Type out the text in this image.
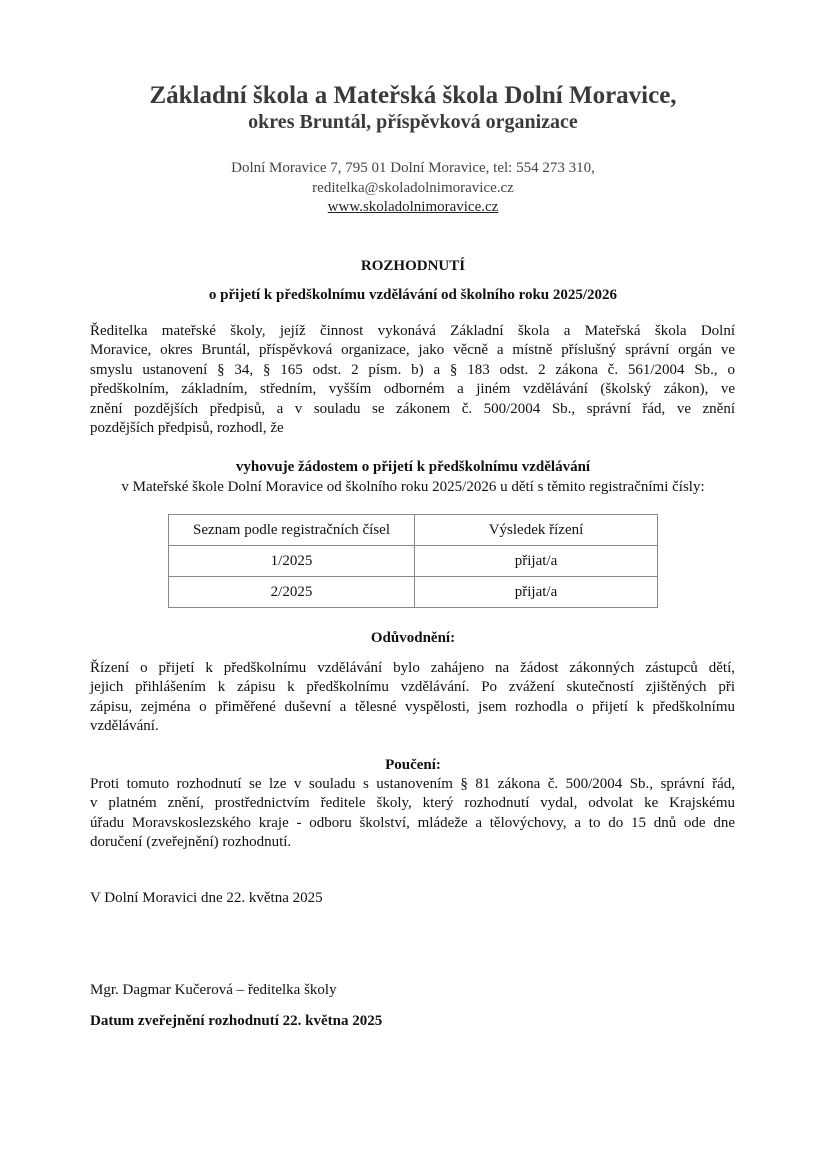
Základní škola a Mateřská škola Dolní Moravice,
okres Bruntál, příspěvková organizace
Dolní Moravice 7, 795 01 Dolní Moravice, tel: 554 273 310,
reditelka@skoladolnimoravice.cz
www.skoladolnimoravice.cz
ROZHODNUTÍ
o přijetí k předškolnímu vzdělávání od školního roku 2025/2026
Ředitelka mateřské školy, jejíž činnost vykonává Základní škola a Mateřská škola Dolní
Moravice, okres Bruntál, příspěvková organizace, jako věcně a místně příslušný správní orgán ve
smyslu ustanovení § 34, § 165 odst. 2 písm. b) a § 183 odst. 2 zákona č. 561/2004 Sb., o
předškolním, základním, středním, vyšším odborném a jiném vzdělávání (školský zákon), ve
znění pozdějších předpisů, a v souladu se zákonem č. 500/2004 Sb., správní řád, ve znění
pozdějších předpisů, rozhodl, že
vyhovuje žádostem o přijetí k předškolnímu vzdělávání
v Mateřské škole Dolní Moravice od školního roku 2025/2026 u dětí s těmito registračními čísly:
Seznam podle registračních čísel	Výsledek řízení
1/2025	přijat/a
2/2025	přijat/a
Odůvodnění:
Řízení o přijetí k předškolnímu vzdělávání bylo zahájeno na žádost zákonných zástupců dětí,
jejich přihlášením k zápisu k předškolnímu vzdělávání. Po zvážení skutečností zjištěných při
zápisu, zejména o přiměřené duševní a tělesné vyspělosti, jsem rozhodla o přijetí k předškolnímu
vzdělávání.
Poučení:
Proti tomuto rozhodnutí se lze v souladu s ustanovením § 81 zákona č. 500/2004 Sb., správní řád,
v platném znění, prostřednictvím ředitele školy, který rozhodnutí vydal, odvolat ke Krajskému
úřadu Moravskoslezského kraje - odboru školství, mládeže a tělovýchovy, a to do 15 dnů ode dne
doručení (zveřejnění) rozhodnutí.
V Dolní Moravici dne 22. května 2025
Mgr. Dagmar Kučerová – ředitelka školy
Datum zveřejnění rozhodnutí 22. května 2025
